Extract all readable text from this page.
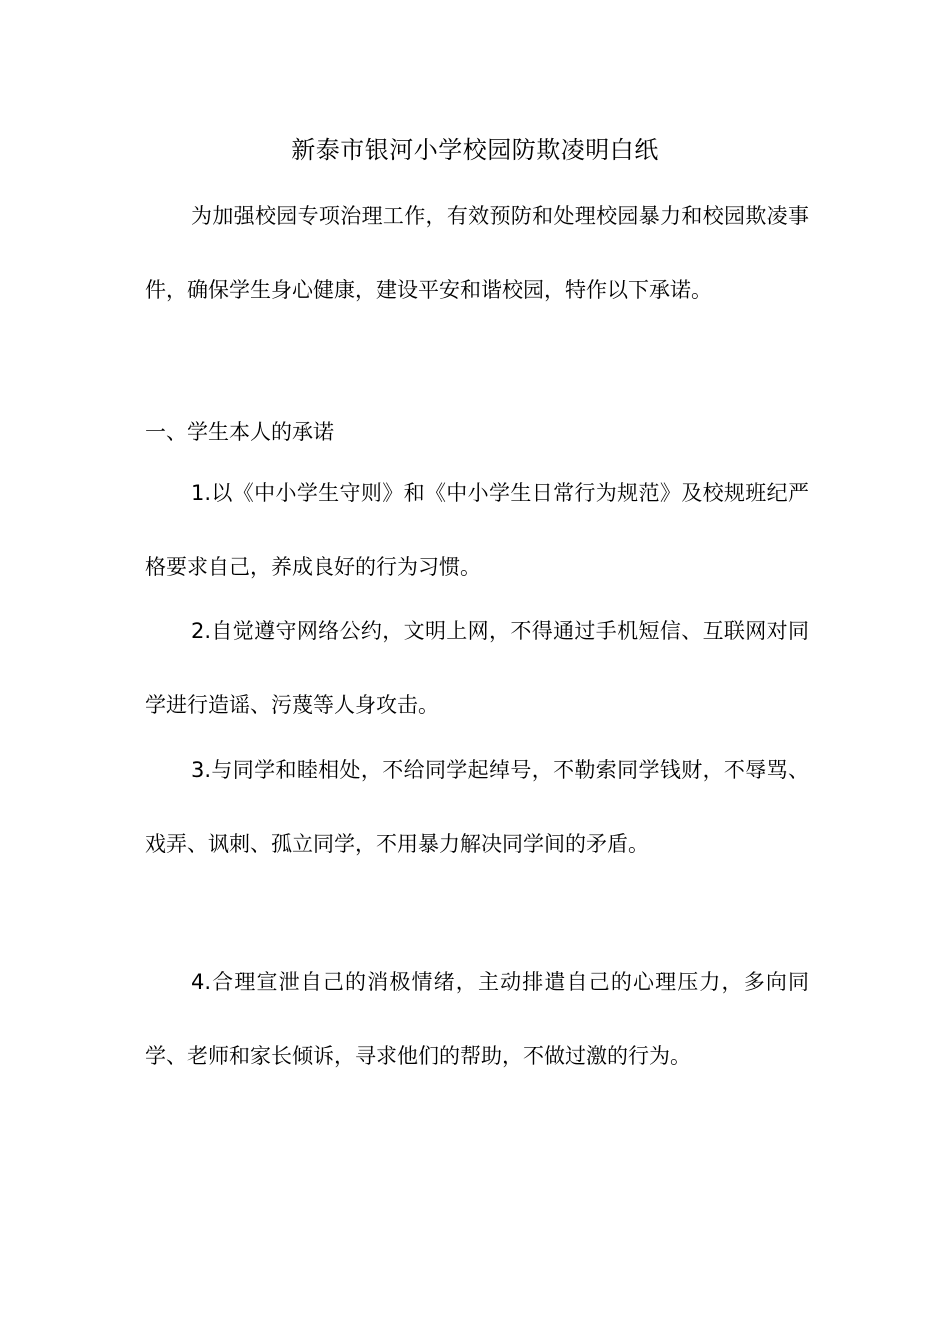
新泰市银河小学校园防欺凌明白纸
为加强校园专项治理工作，有效预防和处理校园暴力和校园欺凌事件，确保学生身心健康，建设平安和谐校园，特作以下承诺。
一、学生本人的承诺
1.以《中小学生守则》和《中小学生日常行为规范》及校规班纪严格要求自己，养成良好的行为习惯。
2.自觉遵守网络公约，文明上网，不得通过手机短信、互联网对同学进行造谣、污蔑等人身攻击。
3.与同学和睦相处，不给同学起绰号，不勒索同学钱财，不辱骂、戏弄、讽刺、孤立同学，不用暴力解决同学间的矛盾。
4.合理宣泄自己的消极情绪，主动排遣自己的心理压力，多向同学、老师和家长倾诉，寻求他们的帮助，不做过激的行为。
